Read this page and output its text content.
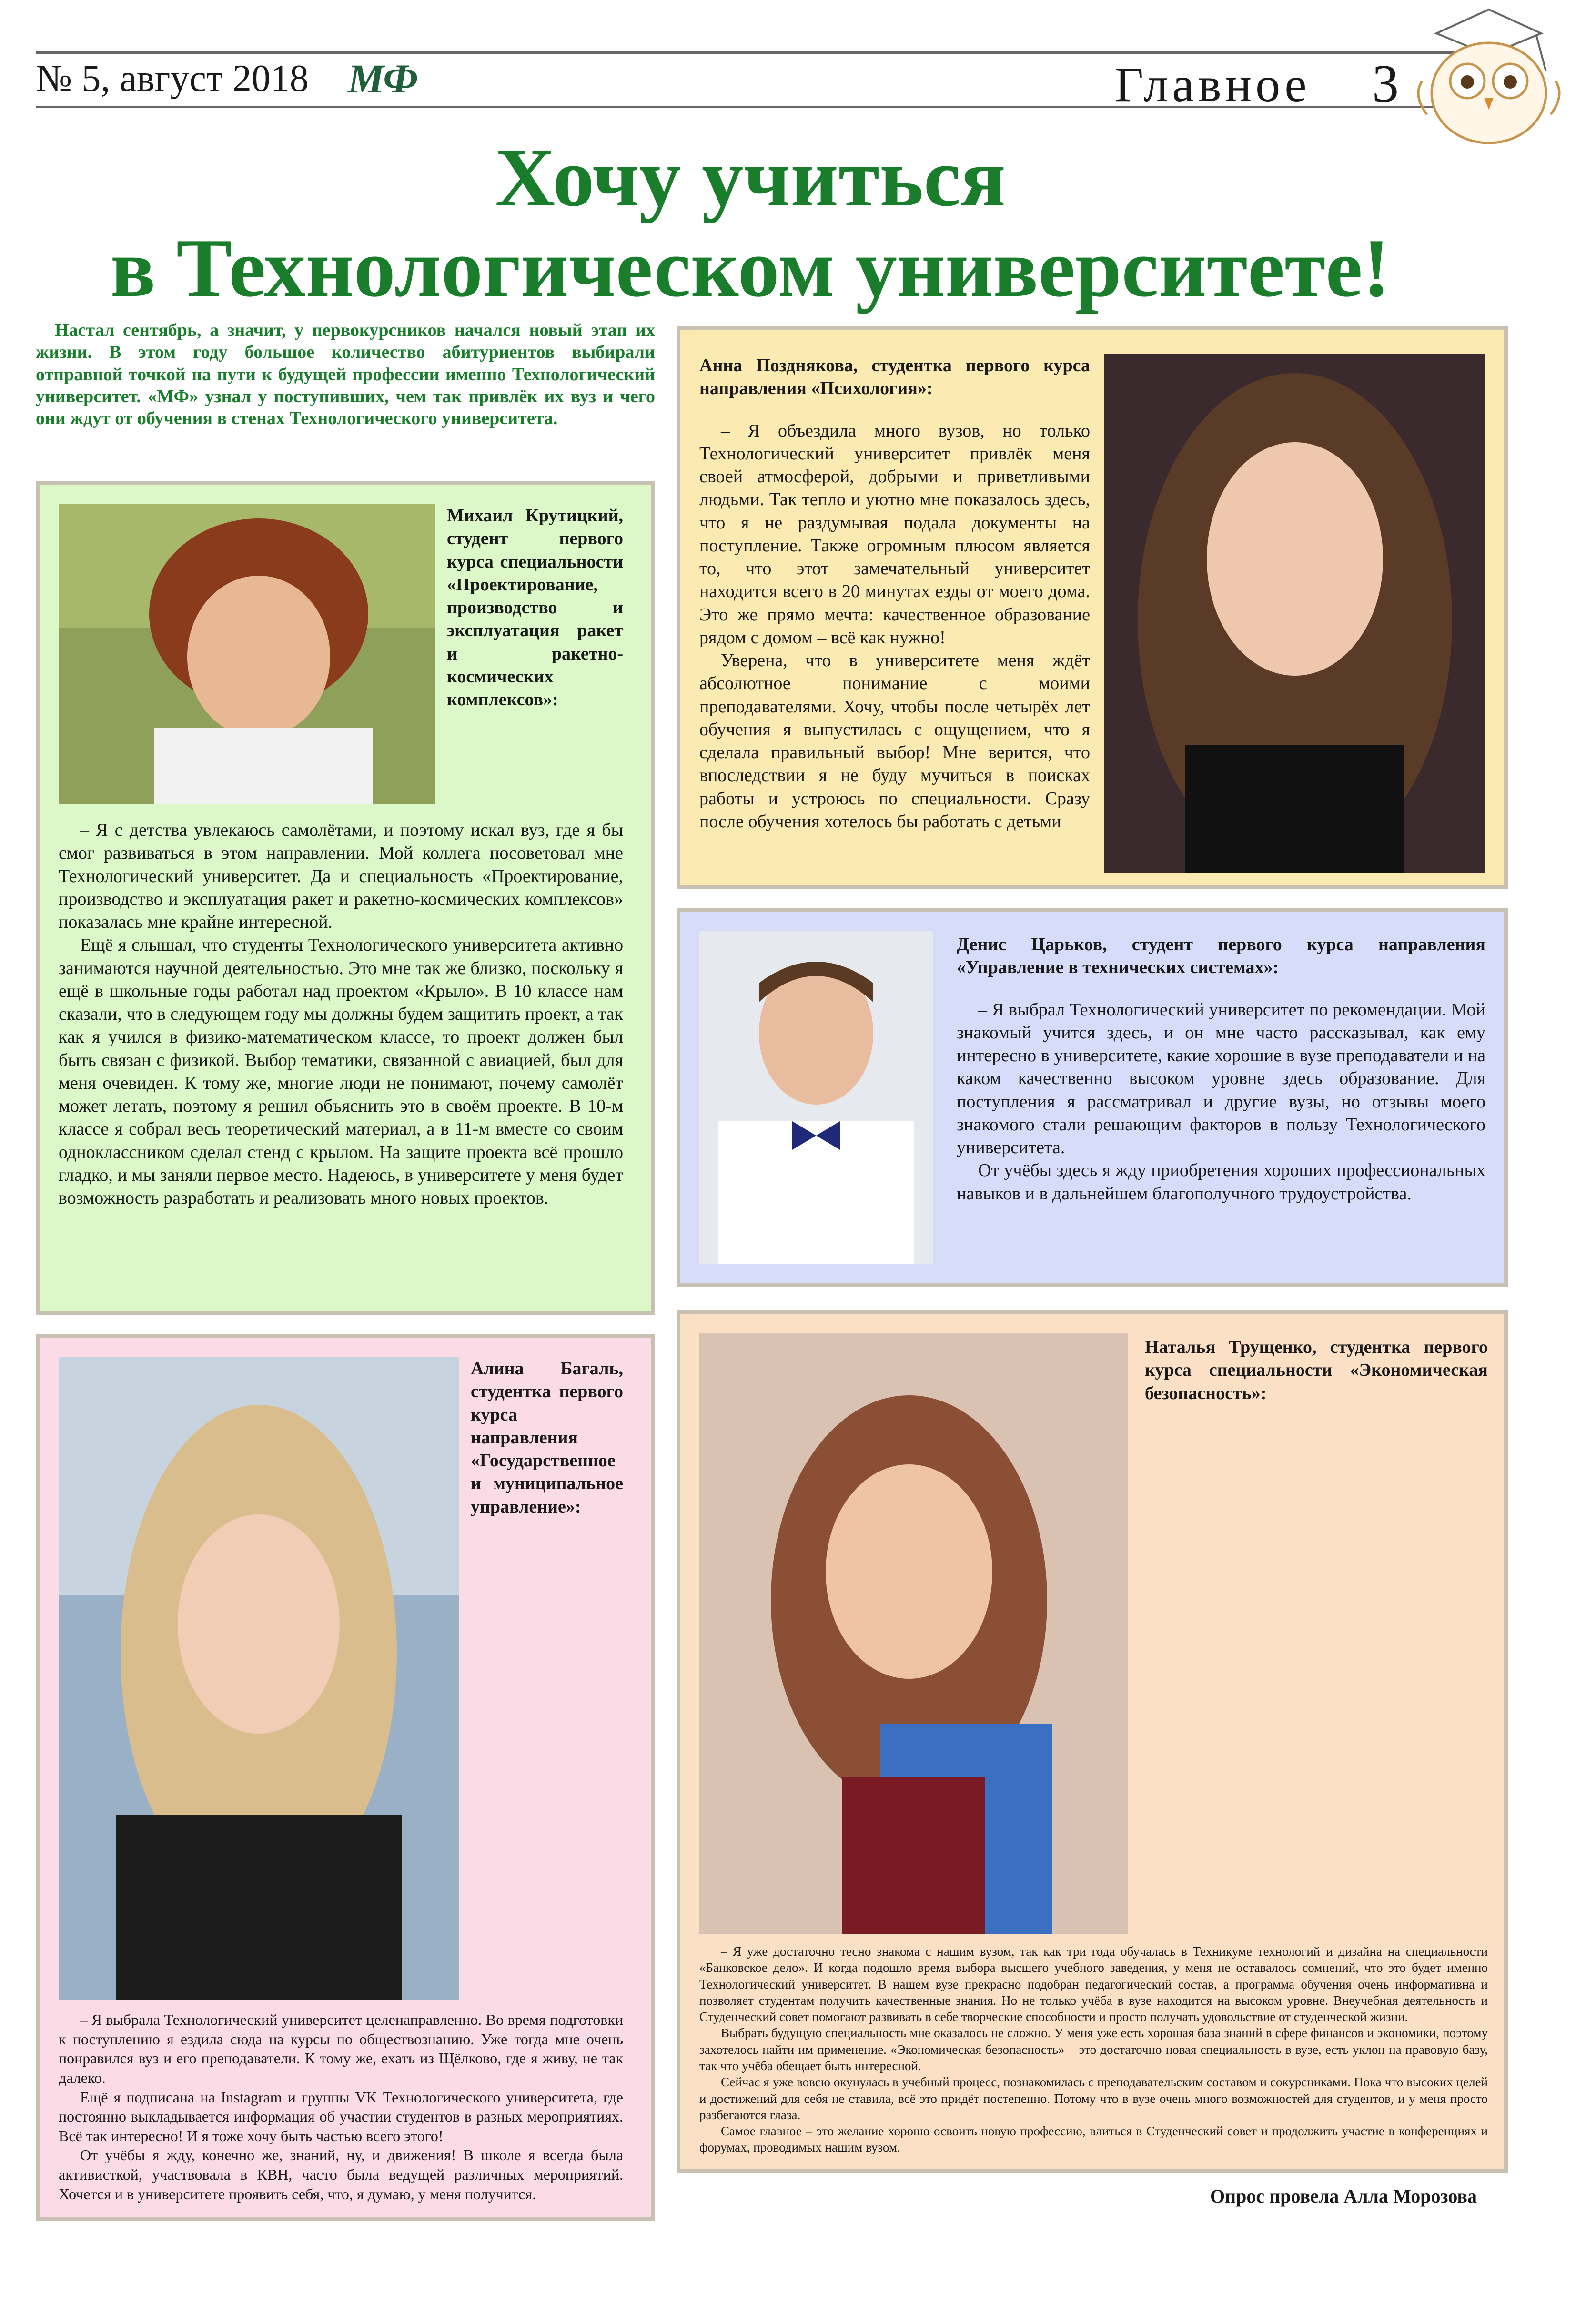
№ 5, август 2018 МФ	Главное 3
Хочу учиться
в Технологическом университете!
Настал сентябрь, а значит, у первокурсников начался новый этап их жизни. В этом году большое количество абитуриентов выбирали отправной точкой на пути к будущей профессии именно Технологический университет. «МФ» узнал у поступивших, чем так привлёк их вуз и чего они ждут от обучения в стенах Технологического университета.

Михаил Крутицкий, студент первого курса специальности «Проектирование, производство и эксплуатация ракет и ракетно-космических комплексов»:

– Я с детства увлекаюсь самолётами, и поэтому искал вуз, где я бы смог развиваться в этом направлении. Мой коллега посоветовал мне Технологический университет. Да и специальность «Проектирование, производство и эксплуатация ракет и ракетно-космических комплексов» показалась мне крайне интересной.

Ещё я слышал, что студенты Технологического университета активно занимаются научной деятельностью. Это мне так же близко, поскольку я ещё в школьные годы работал над проектом «Крыло». В 10 классе нам сказали, что в следующем году мы должны будем защитить проект, а так как я учился в физико-математическом классе, то проект должен был быть связан с физикой. Выбор тематики, связанной с авиацией, был для меня очевиден. К тому же, многие люди не понимают, почему самолёт может летать, поэтому я решил объяснить это в своём проекте. В 10-м классе я собрал весь теоретический материал, а в 11-м вместе со своим одноклассником сделал стенд с крылом. На защите проекта всё прошло гладко, и мы заняли первое место. Надеюсь, в университете у меня будет возможность разработать и реализовать много новых проектов.

Анна Позднякова, студентка первого курса направления «Психология»:

– Я объездила много вузов, но только Технологический университет привлёк меня своей атмосферой, добрыми и приветливыми людьми. Так тепло и уютно мне показалось здесь, что я не раздумывая подала документы на поступление. Также огромным плюсом является то, что этот замечательный университет находится всего в 20 минутах езды от моего дома. Это же прямо мечта: качественное образование рядом с домом – всё как нужно!

Уверена, что в университете меня ждёт абсолютное понимание с моими преподавателями. Хочу, чтобы после четырёх лет обучения я выпустилась с ощущением, что я сделала правильный выбор! Мне верится, что впоследствии я не буду мучиться в поисках работы и устроюсь по специальности. Сразу после обучения хотелось бы работать с детьми

Денис Царьков, студент первого курса направления «Управление в технических системах»:

– Я выбрал Технологический университет по рекомендации. Мой знакомый учится здесь, и он мне часто рассказывал, как ему интересно в университете, какие хорошие в вузе преподаватели и на каком качественно высоком уровне здесь образование. Для поступления я рассматривал и другие вузы, но отзывы моего знакомого стали решающим факторов в пользу Технологического университета.

От учёбы здесь я жду приобретения хороших профессиональных навыков и в дальнейшем благополучного трудоустройства.

Алина Багаль, студентка первого курса направления «Государственное и муниципальное управление»:

– Я выбрала Технологический университет целенаправленно. Во время подготовки к поступлению я ездила сюда на курсы по обществознанию. Уже тогда мне очень понравился вуз и его преподаватели. К тому же, ехать из Щёлково, где я живу, не так далеко.

Ещё я подписана на Instagram и группы VK Технологического университета, где постоянно выкладывается информация об участии студентов в разных мероприятиях. Всё так интересно! И я тоже хочу быть частью всего этого!

От учёбы я жду, конечно же, знаний, ну, и движения! В школе я всегда была активисткой, участвовала в КВН, часто была ведущей различных мероприятий. Хочется и в университете проявить себя, что, я думаю, у меня получится.

Наталья Трущенко, студентка первого курса специальности «Экономическая безопасность»:

– Я уже достаточно тесно знакома с нашим вузом, так как три года обучалась в Техникуме технологий и дизайна на специальности «Банковское дело». И когда подошло время выбора высшего учебного заведения, у меня не оставалось сомнений, что это будет именно Технологический университет. В нашем вузе прекрасно подобран педагогический состав, а программа обучения очень информативна и позволяет студентам получить качественные знания. Но не только учёба в вузе находится на высоком уровне. Внеучебная деятельность и Студенческий совет помогают развивать в себе творческие способности и просто получать удовольствие от студенческой жизни.

Выбрать будущую специальность мне оказалось не сложно. У меня уже есть хорошая база знаний в сфере финансов и экономики, поэтому захотелось найти им применение. «Экономическая безопасность» – это достаточно новая специальность в вузе, есть уклон на правовую базу, так что учёба обещает быть интересной.

Сейчас я уже вовсю окунулась в учебный процесс, познакомилась с преподавательским составом и сокурсниками. Пока что высоких целей и достижений для себя не ставила, всё это придёт постепенно. Потому что в вузе очень много возможностей для студентов, и у меня просто разбегаются глаза.

Самое главное – это желание хорошо освоить новую профессию, влиться в Студенческий совет и продолжить участие в конференциях и форумах, проводимых нашим вузом.

Опрос провела Алла Морозова
